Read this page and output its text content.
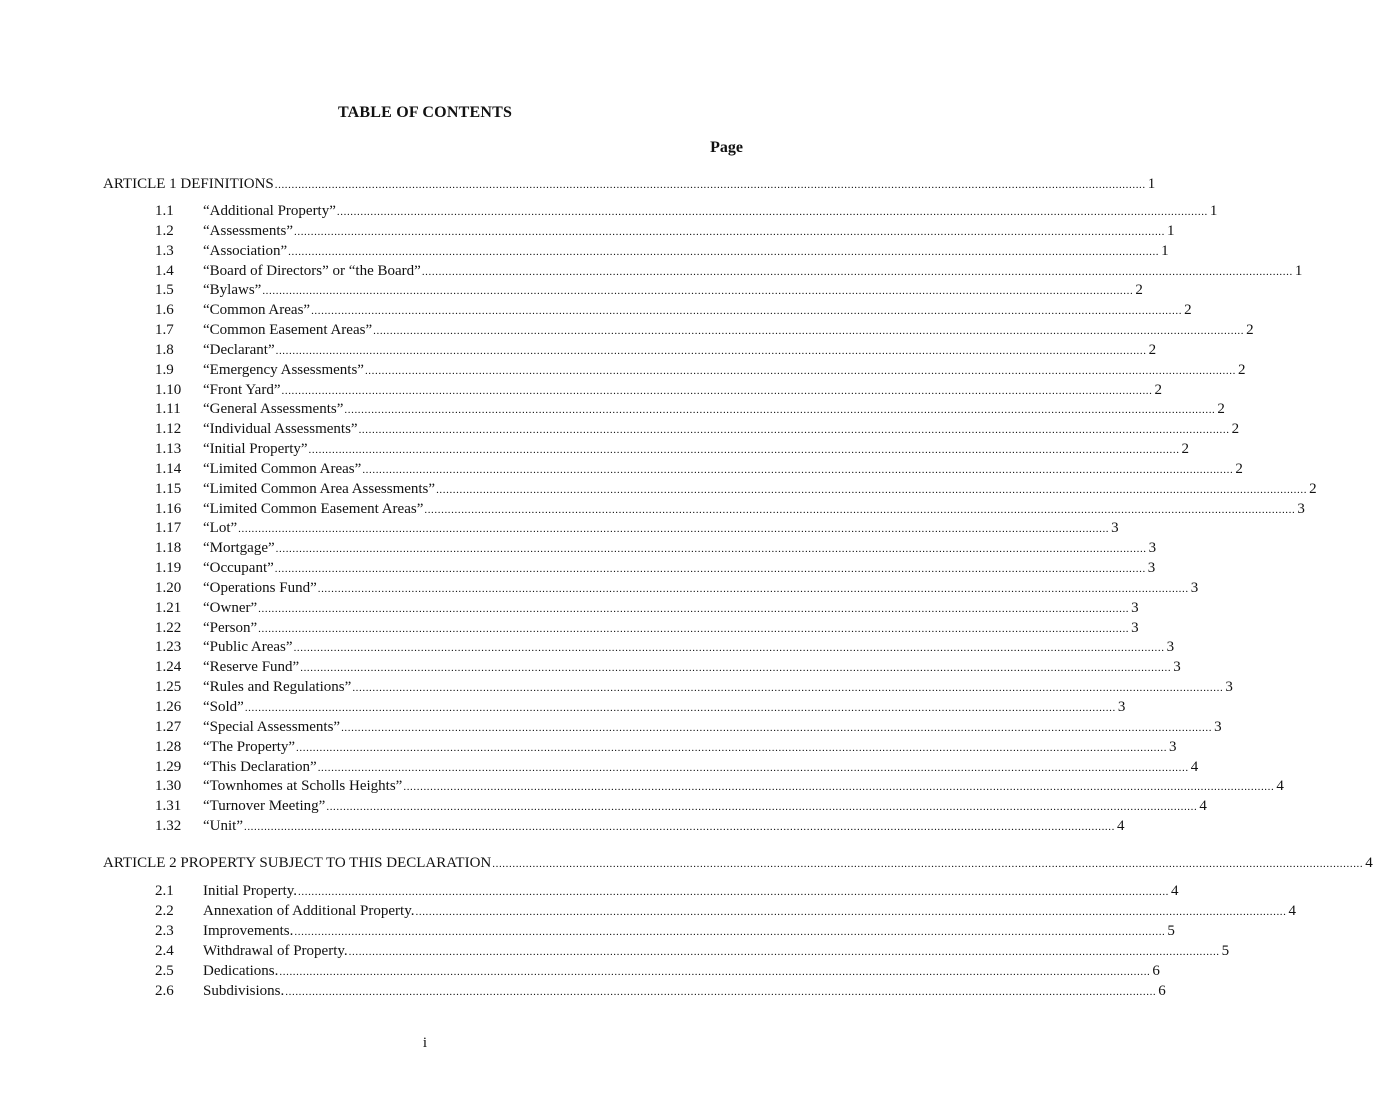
TABLE OF CONTENTS
Page
ARTICLE 1 DEFINITIONS .................................................................................................................................................................................................................................................................... 1
1.1	“Additional Property” .................................................................................................................................................................................................................................................................... 1
1.2	“Assessments” .................................................................................................................................................................................................................................................................... 1
1.3	“Association” .................................................................................................................................................................................................................................................................... 1
1.4	“Board of Directors” or “the Board” .................................................................................................................................................................................................................................................................... 1
1.5	“Bylaws” .................................................................................................................................................................................................................................................................... 2
1.6	“Common Areas” .................................................................................................................................................................................................................................................................... 2
1.7	“Common Easement Areas” .................................................................................................................................................................................................................................................................... 2
1.8	“Declarant” .................................................................................................................................................................................................................................................................... 2
1.9	“Emergency Assessments” .................................................................................................................................................................................................................................................................... 2
1.10	“Front Yard” .................................................................................................................................................................................................................................................................... 2
1.11	“General Assessments” .................................................................................................................................................................................................................................................................... 2
1.12	“Individual Assessments” .................................................................................................................................................................................................................................................................... 2
1.13	“Initial Property” .................................................................................................................................................................................................................................................................... 2
1.14	“Limited Common Areas” .................................................................................................................................................................................................................................................................... 2
1.15	“Limited Common Area Assessments” .................................................................................................................................................................................................................................................................... 2
1.16	“Limited Common Easement Areas” .................................................................................................................................................................................................................................................................... 3
1.17	“Lot” .................................................................................................................................................................................................................................................................... 3
1.18	“Mortgage” .................................................................................................................................................................................................................................................................... 3
1.19	“Occupant” .................................................................................................................................................................................................................................................................... 3
1.20	“Operations Fund” .................................................................................................................................................................................................................................................................... 3
1.21	“Owner” .................................................................................................................................................................................................................................................................... 3
1.22	“Person” .................................................................................................................................................................................................................................................................... 3
1.23	“Public Areas” .................................................................................................................................................................................................................................................................... 3
1.24	“Reserve Fund” .................................................................................................................................................................................................................................................................... 3
1.25	“Rules and Regulations” .................................................................................................................................................................................................................................................................... 3
1.26	“Sold” .................................................................................................................................................................................................................................................................... 3
1.27	“Special Assessments” .................................................................................................................................................................................................................................................................... 3
1.28	“The Property” .................................................................................................................................................................................................................................................................... 3
1.29	“This Declaration” .................................................................................................................................................................................................................................................................... 4
1.30	“Townhomes at Scholls Heights” .................................................................................................................................................................................................................................................................... 4
1.31	“Turnover Meeting” .................................................................................................................................................................................................................................................................... 4
1.32	“Unit” .................................................................................................................................................................................................................................................................... 4
ARTICLE 2 PROPERTY SUBJECT TO THIS DECLARATION .................................................................................................................................................................................................................................................................... 4
2.1	Initial Property. .................................................................................................................................................................................................................................................................... 4
2.2	Annexation of Additional Property. .................................................................................................................................................................................................................................................................... 4
2.3	Improvements. .................................................................................................................................................................................................................................................................... 5
2.4	Withdrawal of Property. .................................................................................................................................................................................................................................................................... 5
2.5	Dedications. .................................................................................................................................................................................................................................................................... 6
2.6	Subdivisions. .................................................................................................................................................................................................................................................................... 6
i
